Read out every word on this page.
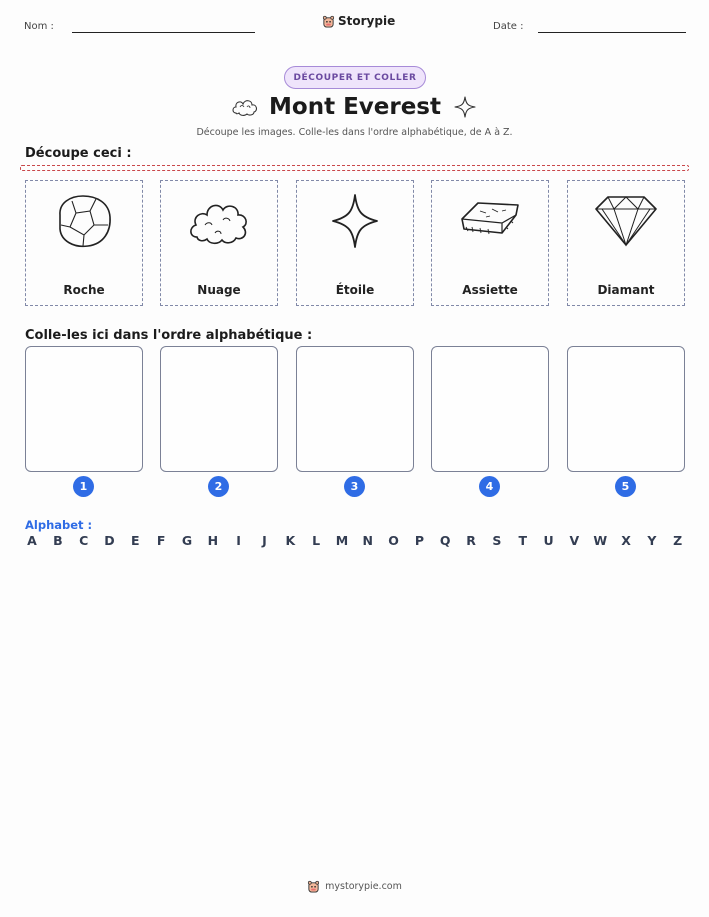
Nom :	Storypie	Date :
DÉCOUPER ET COLLER
Mont Everest
Découpe les images. Colle-les dans l'ordre alphabétique, de A à Z.
Découpe ceci :
Roche	Nuage	Étoile	Assiette	Diamant
Colle-les ici dans l'ordre alphabétique :
1	2	3	4	5
Alphabet :
A B C D E F G H	I	J	K L M N O P Q R S T U V W X Y Z
mystorypie.com
